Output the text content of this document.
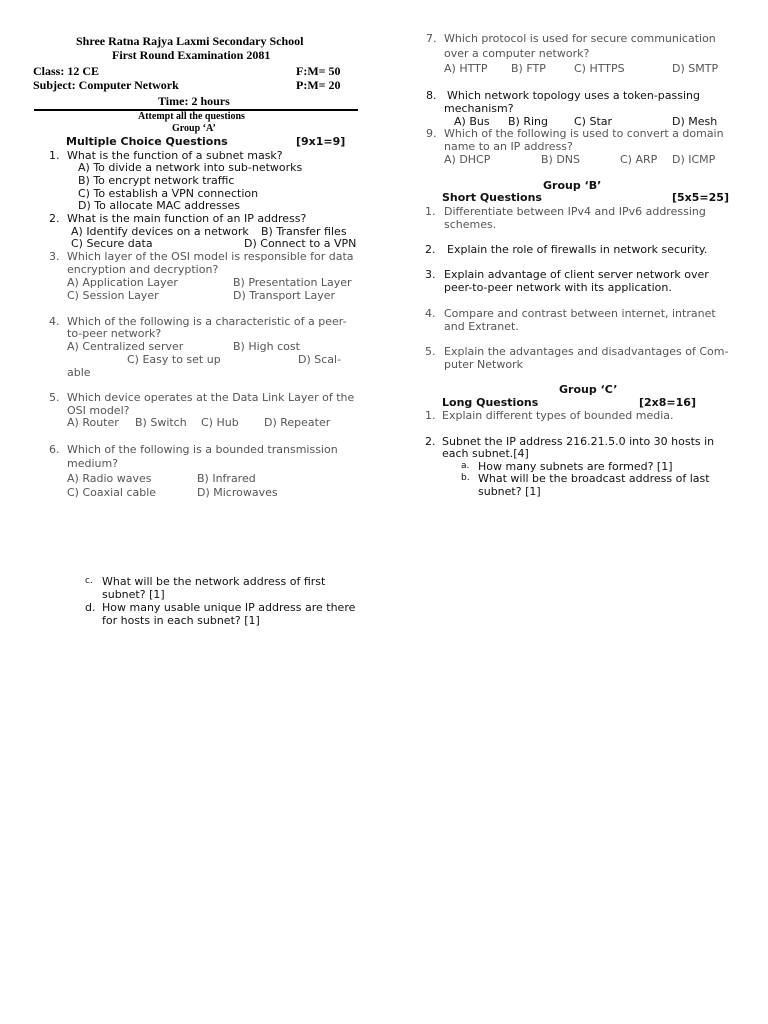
Shree Ratna Rajya Laxmi Secondary School
First Round Examination 2081
Class: 12 CE	F:M= 50
Subject: Computer Network	P:M= 20
Time: 2 hours
Attempt all the questions
Group ‘A’
Multiple Choice Questions	[9x1=9]
1. What is the function of a subnet mask?
A) To divide a network into sub-networks
B) To encrypt network traffic
C) To establish a VPN connection
D) To allocate MAC addresses
2. What is the main function of an IP address?
A) Identify devices on a network B) Transfer files
C) Secure data	D) Connect to a VPN
3. Which layer of the OSI model is responsible for data
encryption and decryption?
A) Application Layer	B) Presentation Layer
C) Session Layer	D) Transport Layer
4. Which of the following is a characteristic of a peer-
to-peer network?
A) Centralized server	B) High cost
C) Easy to set up	D) Scal-
able
5. Which device operates at the Data Link Layer of the
OSI model?
A) Router B) Switch C) Hub D) Repeater
6. Which of the following is a bounded transmission
medium?
A) Radio waves	B) Infrared
C) Coaxial cable	D) Microwaves
7. Which protocol is used for secure communication
over a computer network?
A) HTTP B) FTP	C) HTTPS	D) SMTP
8. Which network topology uses a token-passing
mechanism?
A) Bus B) Ring C) Star	D) Mesh
9. Which of the following is used to convert a domain
name to an IP address?
A) DHCP	B) DNS	C) ARP D) ICMP
Group ‘B’
Short Questions	[5x5=25]
1. Differentiate between IPv4 and IPv6 addressing
schemes.
2. Explain the role of firewalls in network security.
3. Explain advantage of client server network over
peer-to-peer network with its application.
4. Compare and contrast between internet, intranet
and Extranet.
5. Explain the advantages and disadvantages of Com-
puter Network
Group ‘C’
Long Questions	[2x8=16]
1. Explain different types of bounded media.
2. Subnet the IP address 216.21.5.0 into 30 hosts in
each subnet.[4]
a. How many subnets are formed? [1]
b. What will be the broadcast address of last
subnet? [1]
c. What will be the network address of first
subnet? [1]
d. How many usable unique IP address are there
for hosts in each subnet? [1]
